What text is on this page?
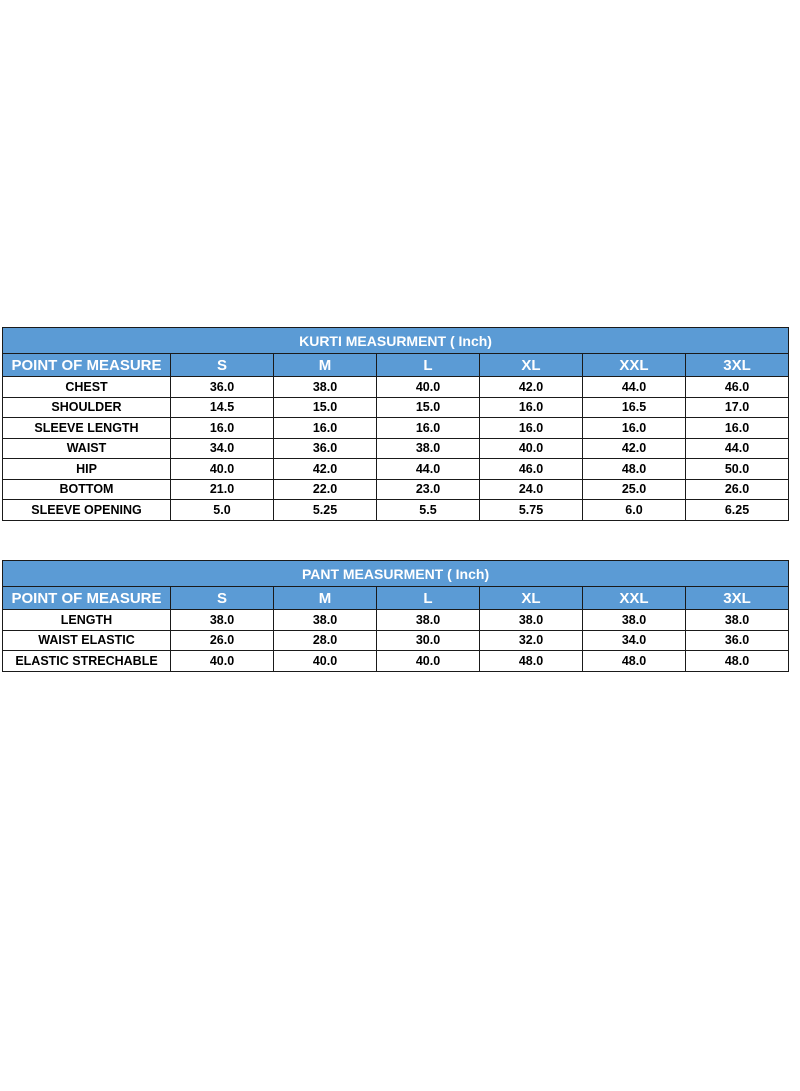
KURTI MEASURMENT ( Inch)						
POINT OF MEASURE	S	M	L	XL	XXL	3XL
CHEST	36.0	38.0	40.0	42.0	44.0	46.0
SHOULDER	14.5	15.0	15.0	16.0	16.5	17.0
SLEEVE LENGTH	16.0	16.0	16.0	16.0	16.0	16.0
WAIST	34.0	36.0	38.0	40.0	42.0	44.0
HIP	40.0	42.0	44.0	46.0	48.0	50.0
BOTTOM	21.0	22.0	23.0	24.0	25.0	26.0
SLEEVE OPENING	5.0	5.25	5.5	5.75	6.0	6.25
PANT MEASURMENT ( Inch)						
POINT OF MEASURE	S	M	L	XL	XXL	3XL
LENGTH	38.0	38.0	38.0	38.0	38.0	38.0
WAIST ELASTIC	26.0	28.0	30.0	32.0	34.0	36.0
ELASTIC STRECHABLE	40.0	40.0	40.0	48.0	48.0	48.0
